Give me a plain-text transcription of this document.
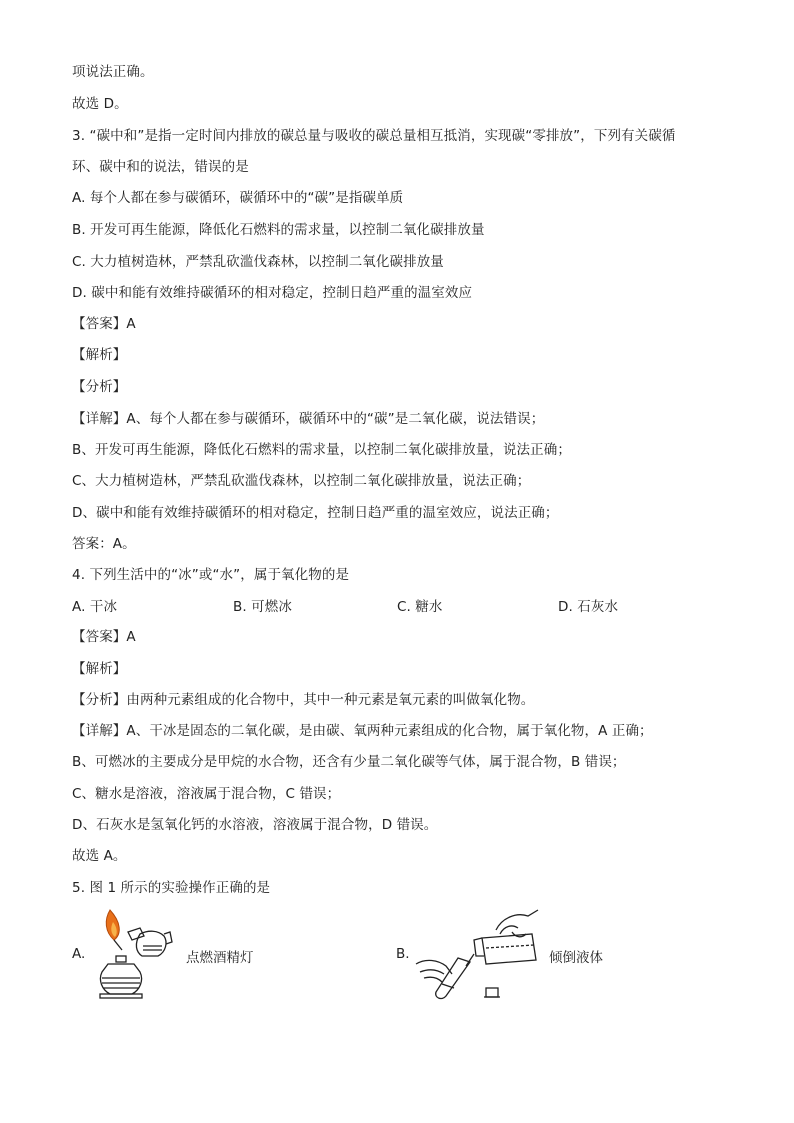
项说法正确。
故选 D。
3. “碳中和”是指一定时间内排放的碳总量与吸收的碳总量相互抵消，实现碳“零排放”，下列有关碳循
环、碳中和的说法，错误的是
A. 每个人都在参与碳循环，碳循环中的“碳”是指碳单质
B. 开发可再生能源，降低化石燃料的需求量，以控制二氧化碳排放量
C. 大力植树造林，严禁乱砍滥伐森林，以控制二氧化碳排放量
D. 碳中和能有效维持碳循环的相对稳定，控制日趋严重的温室效应
【答案】A
【解析】
【分析】
【详解】A、每个人都在参与碳循环，碳循环中的“碳”是二氧化碳，说法错误；
B、开发可再生能源，降低化石燃料的需求量，以控制二氧化碳排放量，说法正确；
C、大力植树造林，严禁乱砍滥伐森林，以控制二氧化碳排放量，说法正确；
D、碳中和能有效维持碳循环的相对稳定，控制日趋严重的温室效应，说法正确；
答案：A。
4. 下列生活中的“冰”或“水”，属于氧化物的是
A. 干冰	B. 可燃冰	C. 糖水	D. 石灰水
【答案】A
【解析】
【分析】由两种元素组成的化合物中，其中一种元素是氧元素的叫做氧化物。
【详解】A、干冰是固态的二氧化碳，是由碳、氧两种元素组成的化合物，属于氧化物，A 正确；
B、可燃冰的主要成分是甲烷的水合物，还含有少量二氧化碳等气体，属于混合物，B 错误；
C、糖水是溶液，溶液属于混合物，C 错误；
D、石灰水是氢氧化钙的水溶液，溶液属于混合物，D 错误。
故选 A。
5. 图 1 所示的实验操作正确的是
A.	点燃酒精灯	B.	倾倒液体
